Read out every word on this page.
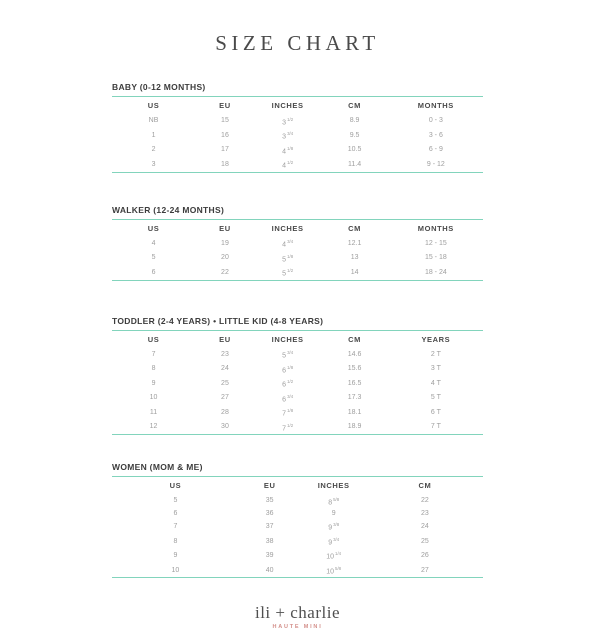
SIZE CHART
BABY (0-12 MONTHS)
US	EU	INCHES	CM	MONTHS
NB	15	$3^{1/2}$	8.9	0 - 3
1	16	$3^{3/4}$	9.5	3 - 6
2	17	$4^{1/8}$	10.5	6 - 9
3	18	$4^{1/2}$	11.4	9 - 12
WALKER (12-24 MONTHS)
US	EU	INCHES	CM	MONTHS
4	19	$4^{3/4}$	12.1	12 - 15
5	20	$5^{1/8}$	13	15 - 18
6	22	$5^{1/2}$	14	18 - 24
TODDLER (2-4 YEARS) • LITTLE KID (4-8 YEARS)
US	EU	INCHES	CM	YEARS
7	23	$5^{3/4}$	14.6	2 T
8	24	$6^{1/8}$	15.6	3 T
9	25	$6^{1/2}$	16.5	4 T
10	27	$6^{3/4}$	17.3	5 T
11	28	$7^{1/8}$	18.1	6 T
12	30	$7^{1/2}$	18.9	7 T
WOMEN (MOM & ME)
US	EU	INCHES	CM
5	35	$8^{5/8}$	22
6	36	9	23
7	37	$9^{3/8}$	24
8	38	$9^{3/4}$	25
9	39	$10^{1/4}$	26
10	40	$10^{5/8}$	27
ili + charlie
HAUTE MINI
